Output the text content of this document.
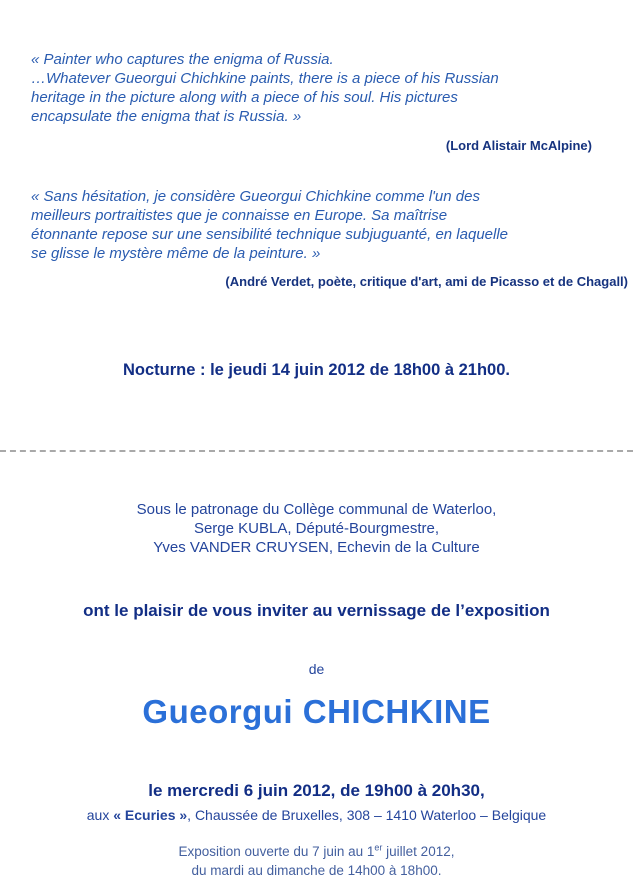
« Painter who captures the enigma of Russia.
…Whatever Gueorgui Chichkine paints, there is a piece of his Russian
heritage in the picture along with a piece of his soul. His pictures
encapsulate the enigma that is Russia. »
(Lord Alistair McAlpine)
« Sans hésitation, je considère Gueorgui Chichkine comme l'un des
meilleurs portraitistes que je connaisse en Europe. Sa maîtrise
étonnante repose sur une sensibilité technique subjuguanté, en laquelle
se glisse le mystère même de la peinture. »
(André Verdet, poète, critique d'art, ami de Picasso et de Chagall)
Nocturne : le jeudi 14 juin 2012 de 18h00 à 21h00.
Sous le patronage du Collège communal de Waterloo,
Serge KUBLA, Député-Bourgmestre,
Yves VANDER CRUYSEN, Echevin de la Culture
ont le plaisir de vous inviter au vernissage de l’exposition
de
Gueorgui CHICHKINE
le mercredi 6 juin 2012, de 19h00 à 20h30,
aux « Ecuries », Chaussée de Bruxelles, 308 – 1410 Waterloo – Belgique
Exposition ouverte du 7 juin au 1er juillet 2012,
du mardi au dimanche de 14h00 à 18h00.
